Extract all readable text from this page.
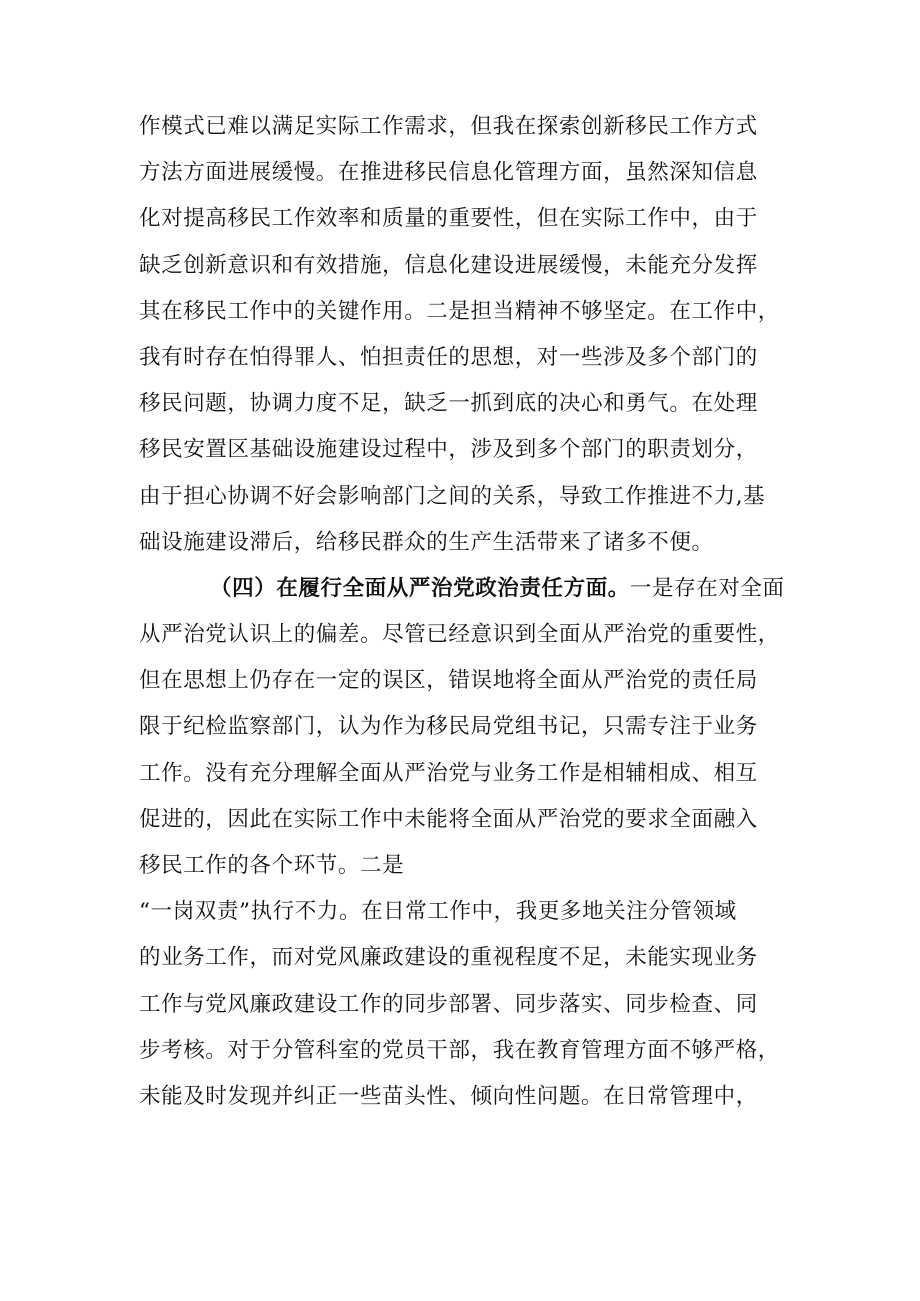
作模式已难以满足实际工作需求，但我在探索创新移民工作方式
方法方面进展缓慢。在推进移民信息化管理方面，虽然深知信息
化对提高移民工作效率和质量的重要性，但在实际工作中，由于
缺乏创新意识和有效措施，信息化建设进展缓慢，未能充分发挥
其在移民工作中的关键作用。二是担当精神不够坚定。在工作中，
我有时存在怕得罪人、怕担责任的思想，对一些涉及多个部门的
移民问题，协调力度不足，缺乏一抓到底的决心和勇气。在处理
移民安置区基础设施建设过程中，涉及到多个部门的职责划分，
由于担心协调不好会影响部门之间的关系，导致工作推进不力,基
础设施建设滞后，给移民群众的生产生活带来了诸多不便。
（四）在履行全面从严治党政治责任方面。一是存在对全面
从严治党认识上的偏差。尽管已经意识到全面从严治党的重要性，
但在思想上仍存在一定的误区，错误地将全面从严治党的责任局
限于纪检监察部门，认为作为移民局党组书记，只需专注于业务
工作。没有充分理解全面从严治党与业务工作是相辅相成、相互
促进的，因此在实际工作中未能将全面从严治党的要求全面融入
移民工作的各个环节。二是
“一岗双责”执行不力。在日常工作中，我更多地关注分管领域
的业务工作，而对党风廉政建设的重视程度不足，未能实现业务
工作与党风廉政建设工作的同步部署、同步落实、同步检查、同
步考核。对于分管科室的党员干部，我在教育管理方面不够严格，
未能及时发现并纠正一些苗头性、倾向性问题。在日常管理中，
